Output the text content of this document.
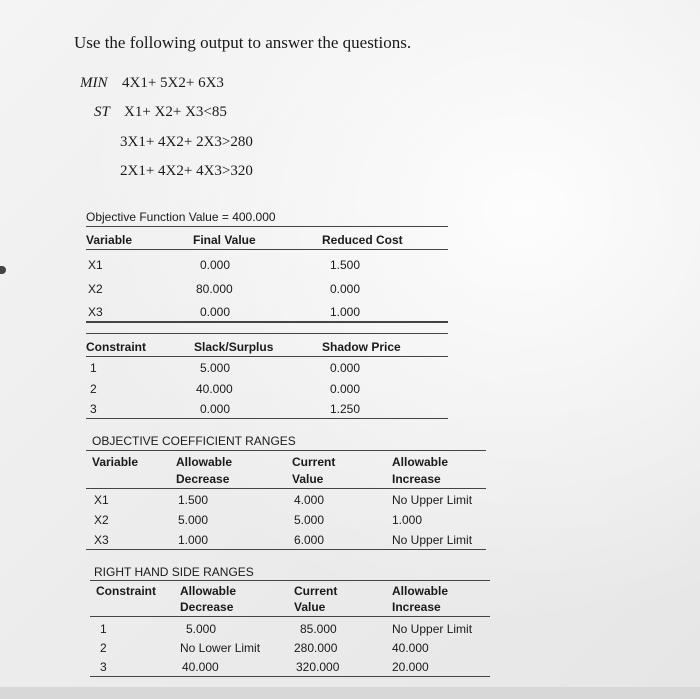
Use the following output to answer the questions.
MIN 4X1+ 5X2+ 6X3
ST X1+ X2+ X3<85
3X1+ 4X2+ 2X3>280
2X1+ 4X2+ 4X3>320
Objective Function Value = 400.000
Variable	Final Value	Reduced Cost
X1	0.000	1.500
X2	80.000	0.000
X3	0.000	1.000
Constraint	Slack/Surplus	Shadow Price
1	5.000	0.000
2	40.000	0.000
3	0.000	1.250
OBJECTIVE COEFFICIENT RANGES
Variable	Allowable	Current	Allowable
Decrease	Value	Increase
X1	1.500	4.000	No Upper Limit
X2	5.000	5.000	1.000
X3	1.000	6.000	No Upper Limit
RIGHT HAND SIDE RANGES
Constraint Allowable	Current	Allowable
Decrease	Value	Increase
1	5.000	85.000	No Upper Limit
2	No Lower Limit	280.000	40.000
3	40.000	320.000	20.000
